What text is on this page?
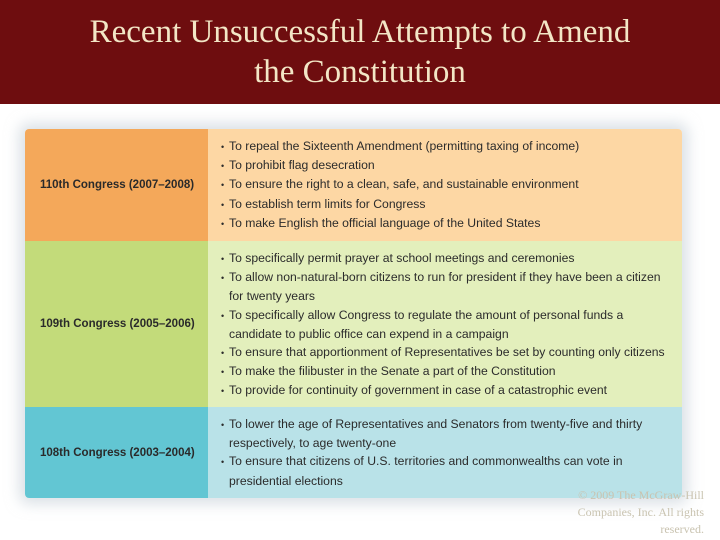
Recent Unsuccessful Attempts to Amend
the Constitution
110th Congress (2007–2008)
• To repeal the Sixteenth Amendment (permitting taxing of income)
• To prohibit flag desecration
• To ensure the right to a clean, safe, and sustainable environment
• To establish term limits for Congress
• To make English the official language of the United States
109th Congress (2005–2006)
• To specifically permit prayer at school meetings and ceremonies
• To allow non-natural-born citizens to run for president if they have been a citizen for twenty years
• To specifically allow Congress to regulate the amount of personal funds a candidate to public office can expend in a campaign
• To ensure that apportionment of Representatives be set by counting only citizens
• To make the filibuster in the Senate a part of the Constitution
• To provide for continuity of government in case of a catastrophic event
108th Congress (2003–2004)
• To lower the age of Representatives and Senators from twenty-five and thirty respectively, to age twenty-one
• To ensure that citizens of U.S. territories and commonwealths can vote in presidential elections
© 2009 The McGraw-Hill
Companies, Inc. All rights
reserved.
